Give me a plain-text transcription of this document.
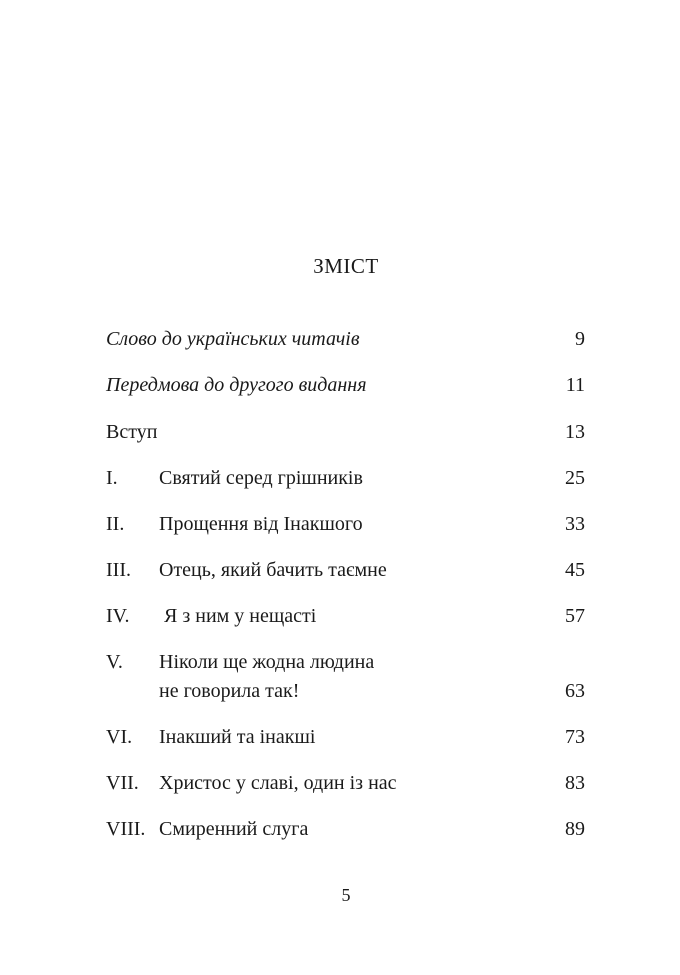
ЗМІСТ
Слово до українських читачів	9
Передмова до другого видання	11
Вступ	13
I. Святий серед грішників	25
II. Прощення від Інакшого	33
III. Отець, який бачить таємне	45
IV. Я з ним у нещасті	57
V. Ніколи ще жодна людина
не говорила так!	63
VI. Інакший та інакші	73
VII. Христос у славі, один із нас	83
VIII. Смиренний слуга	89
5
